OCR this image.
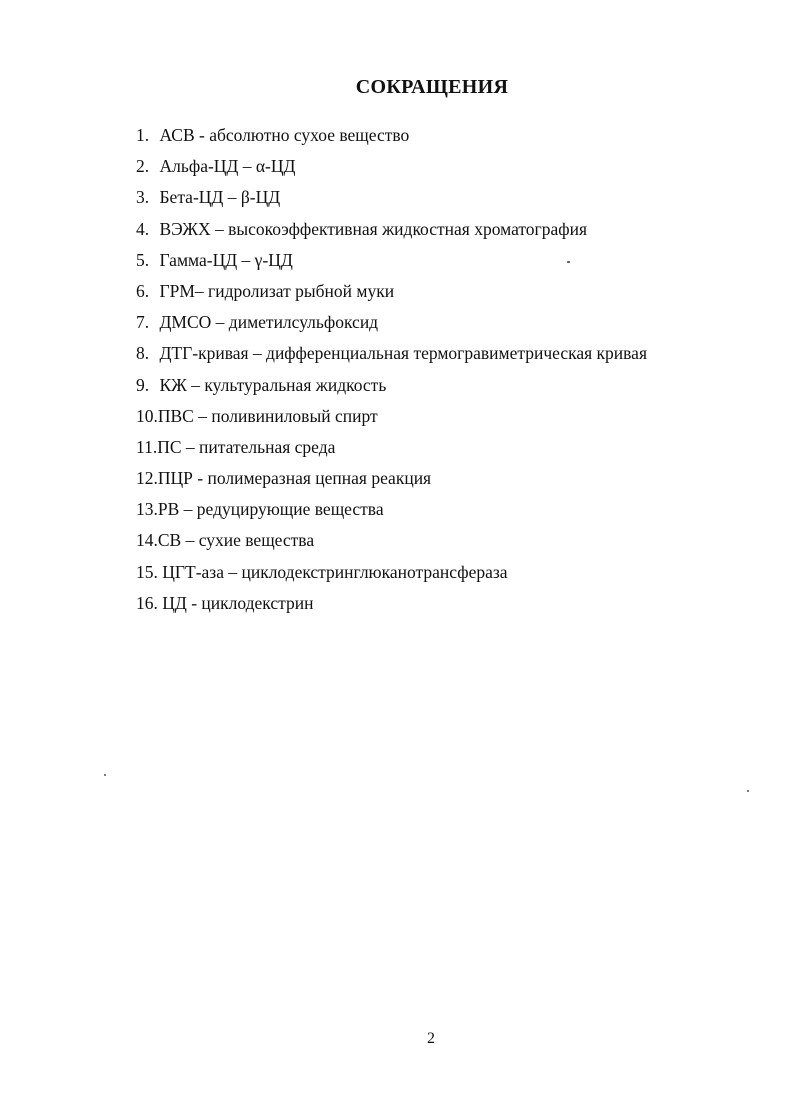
СОКРАЩЕНИЯ
1. АСВ - абсолютно сухое вещество
2. Альфа-ЦД – α-ЦД
3. Бета-ЦД – β-ЦД
4. ВЭЖХ – высокоэффективная жидкостная хроматография
5. Гамма-ЦД – γ-ЦД
6. ГРМ– гидролизат рыбной муки
7. ДМСО – диметилсульфоксид
8. ДТГ-кривая – дифференциальная термогравиметрическая кривая
9. КЖ – культуральная жидкость
10.ПВС – поливиниловый спирт
11.ПС – питательная среда
12.ПЦР - полимеразная цепная реакция
13.РВ – редуцирующие вещества
14.СВ – сухие вещества
15. ЦГТ-аза – циклодекстринглюканотрансфераза
16. ЦД - циклодекстрин
2
